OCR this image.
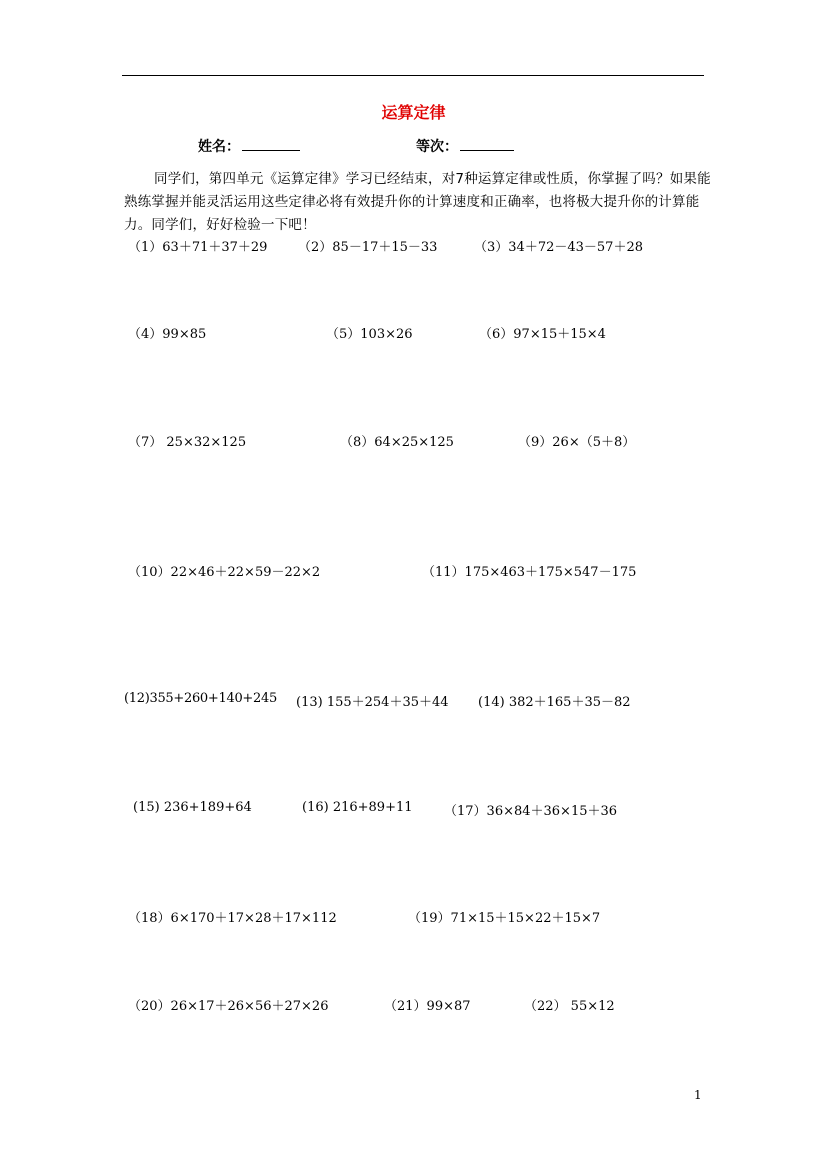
运算定律
姓名：	等次：
同学们，第四单元《运算定律》学习已经结束，对7种运算定律或性质，你掌握了吗？如果能熟练掌握并能灵活运用这些定律必将有效提升你的计算速度和正确率，也将极大提升你的计算能力。同学们，好好检验一下吧！
（1）63＋71＋37＋29 （2）85－17＋15－33	（3）34＋72－43－57＋28
（4）99×85	（5）103×26	（6）97×15＋15×4
（7） 25×32×125	（8）64×25×125	（9）26×（5＋8）
（10）22×46＋22×59－22×2	（11）175×463＋175×547－175
(12)355+260+140+245 (13) 155＋254＋35＋44 (14) 382＋165＋35－82
(15) 236+189+64	(16) 216+89+11 （17）36×84＋36×15＋36
（18）6×170＋17×28＋17×112	（19）71×15＋15×22＋15×7
（20）26×17＋26×56＋27×26	（21）99×87	（22） 55×12
1
